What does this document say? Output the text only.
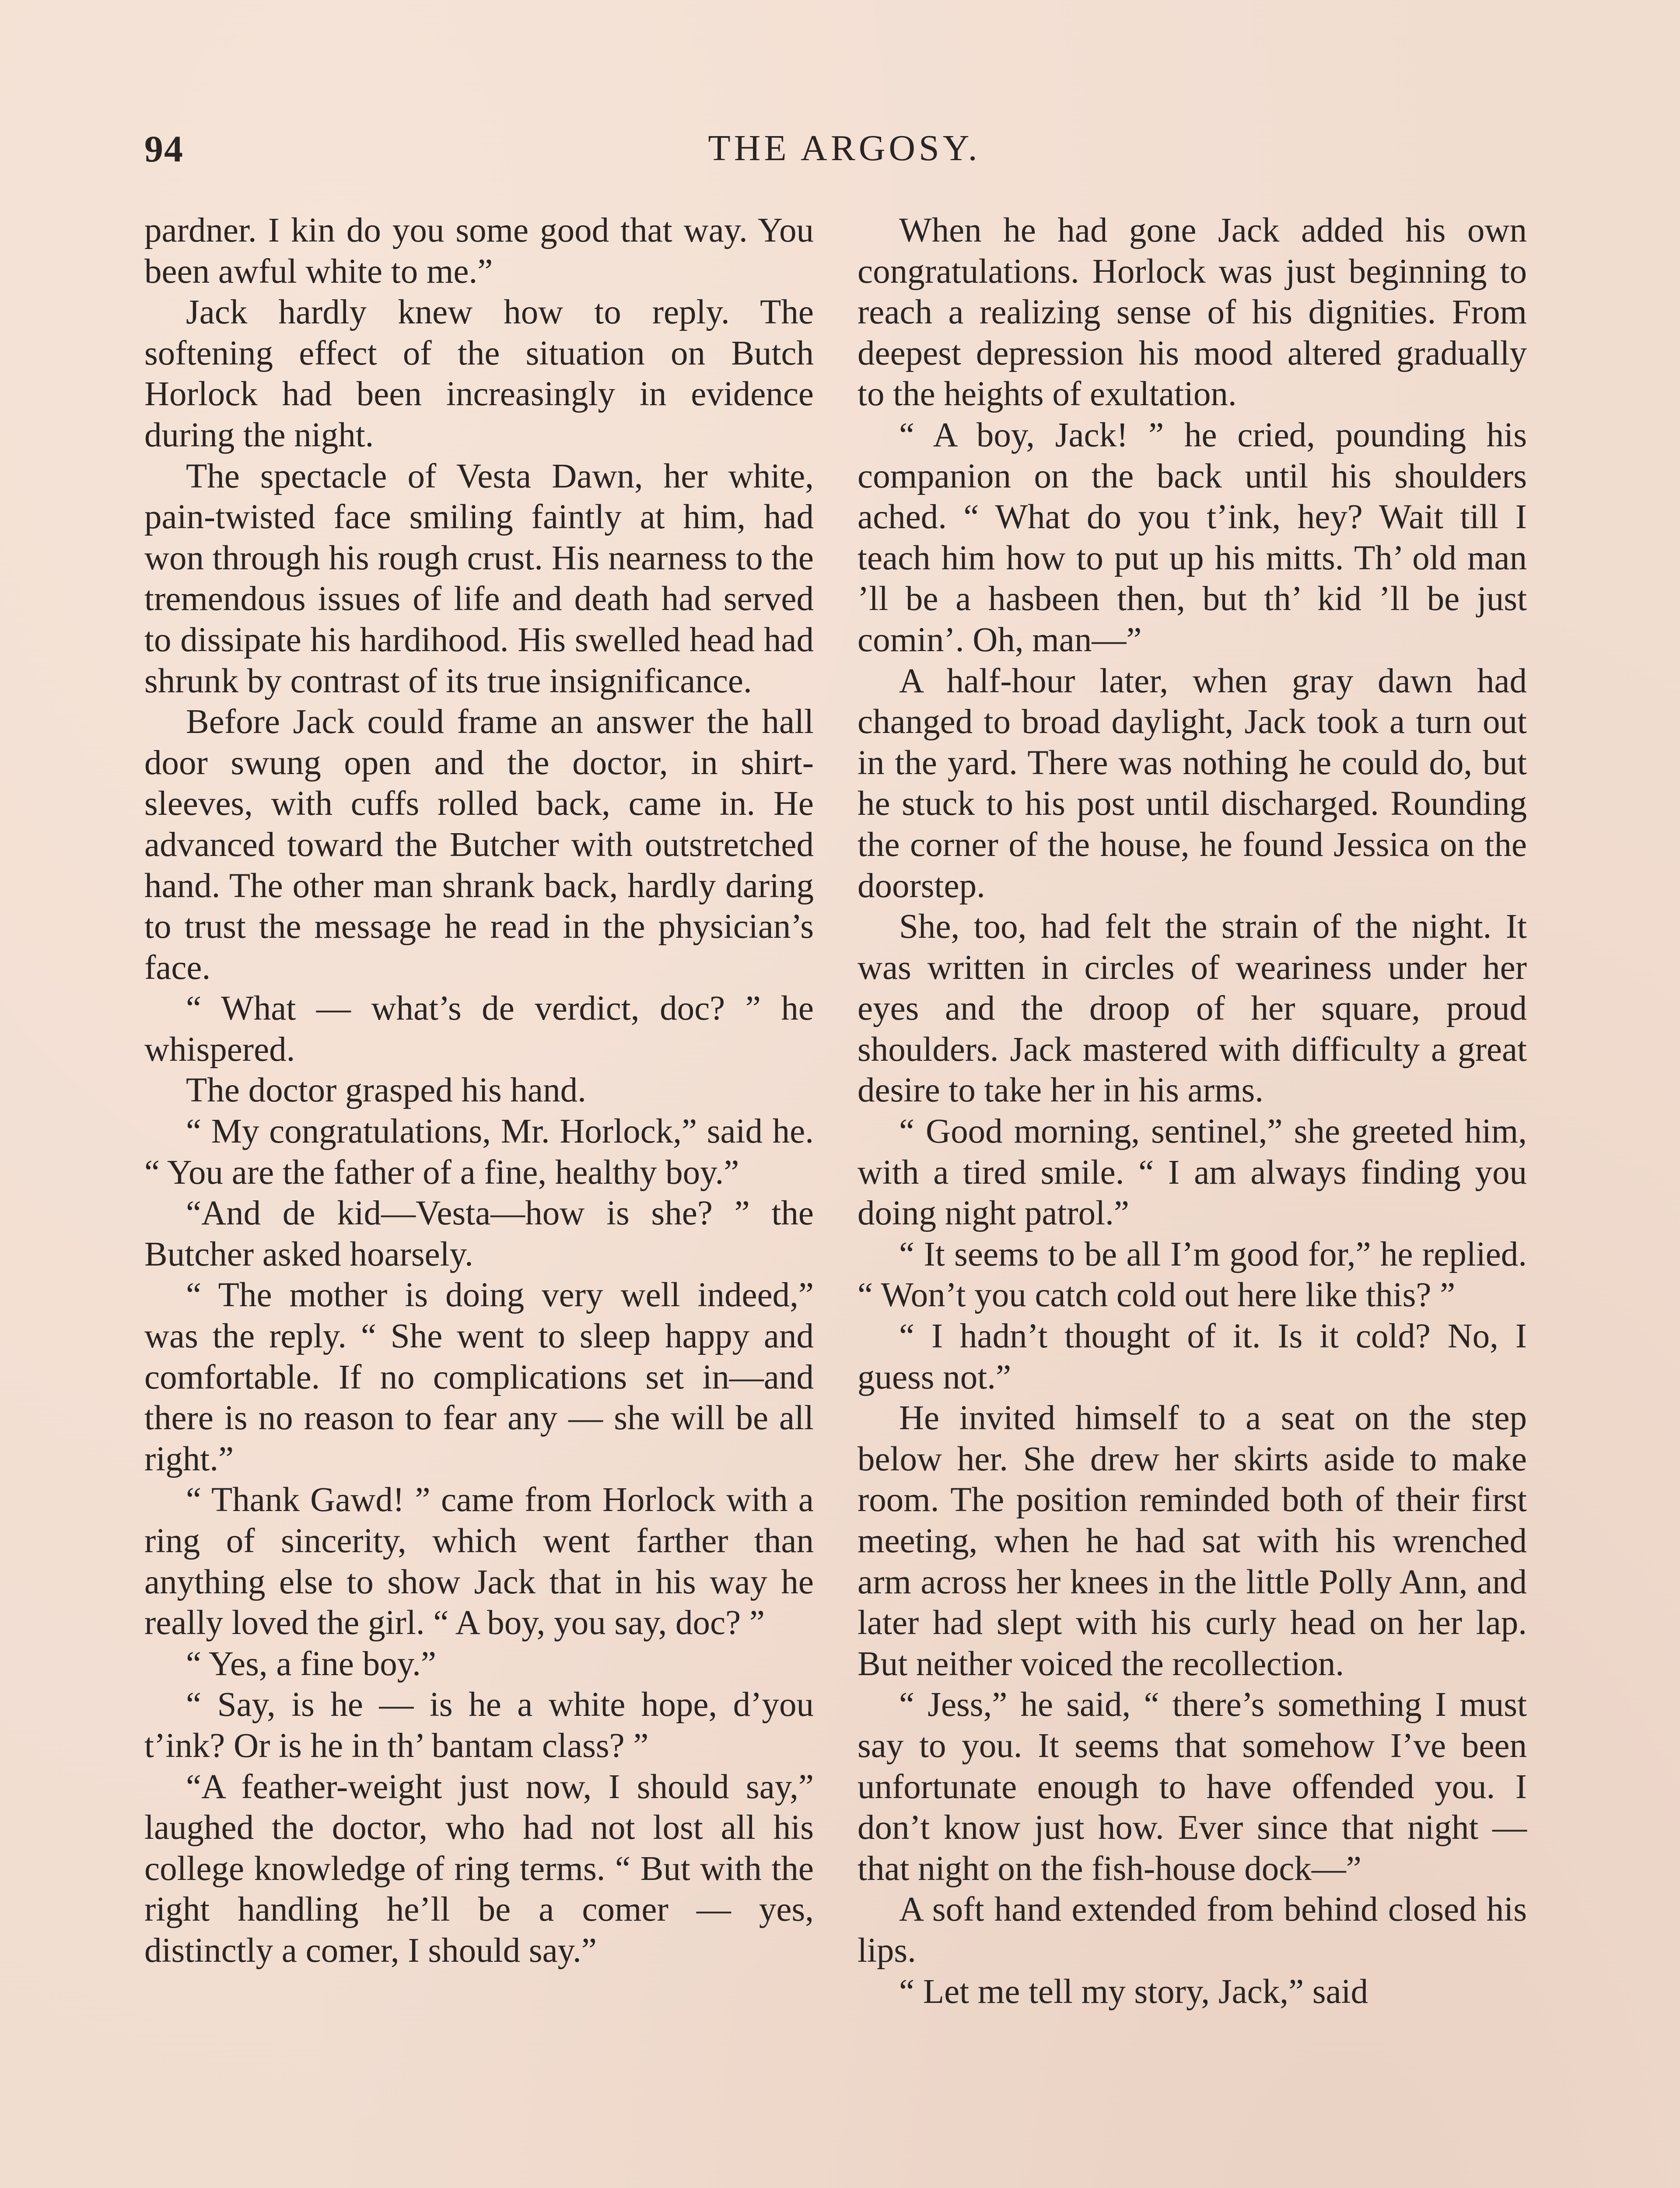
94	THE ARGOSY.

pardner. I kin do you some good that way. You been awful white to me.”

Jack hardly knew how to reply. The softening effect of the situation on Butch Horlock had been increasingly in evidence during the night.

The spectacle of Vesta Dawn, her white, pain-twisted face smiling faintly at him, had won through his rough crust. His nearness to the tremendous issues of life and death had served to dissipate his hardihood. His swelled head had shrunk by contrast of its true insignificance.

Before Jack could frame an answer the hall door swung open and the doctor, in shirt-sleeves, with cuffs rolled back, came in. He advanced toward the Butcher with outstretched hand. The other man shrank back, hardly daring to trust the message he read in the physician’s face.

“ What — what’s de verdict, doc? ” he whispered.

The doctor grasped his hand.

“ My congratulations, Mr. Horlock,” said he. “ You are the father of a fine, healthy boy.”

“And de kid—Vesta—how is she? ” the Butcher asked hoarsely.

“ The mother is doing very well indeed,” was the reply. “ She went to sleep happy and comfortable. If no complications set in—and there is no reason to fear any — she will be all right.”

“ Thank Gawd! ” came from Horlock with a ring of sincerity, which went farther than anything else to show Jack that in his way he really loved the girl. “ A boy, you say, doc? ”

“ Yes, a fine boy.”

“ Say, is he — is he a white hope, d’you t’ink? Or is he in th’ bantam class? ”

“A feather-weight just now, I should say,” laughed the doctor, who had not lost all his college knowledge of ring terms. “ But with the right handling he’ll be a comer — yes, distinctly a comer, I should say.”

When he had gone Jack added his own congratulations. Horlock was just beginning to reach a realizing sense of his dignities. From deepest depression his mood altered gradually to the heights of exultation.

“ A boy, Jack! ” he cried, pounding his companion on the back until his shoulders ached. “ What do you t’ink, hey? Wait till I teach him how to put up his mitts. Th’ old man ’ll be a hasbeen then, but th’ kid ’ll be just comin’. Oh, man—”

A half-hour later, when gray dawn had changed to broad daylight, Jack took a turn out in the yard. There was nothing he could do, but he stuck to his post until discharged. Rounding the corner of the house, he found Jessica on the doorstep.

She, too, had felt the strain of the night. It was written in circles of weariness under her eyes and the droop of her square, proud shoulders. Jack mastered with difficulty a great desire to take her in his arms.

“ Good morning, sentinel,” she greeted him, with a tired smile. “ I am always finding you doing night patrol.”

“ It seems to be all I’m good for,” he replied. “ Won’t you catch cold out here like this? ”

“ I hadn’t thought of it. Is it cold? No, I guess not.”

He invited himself to a seat on the step below her. She drew her skirts aside to make room. The position reminded both of their first meeting, when he had sat with his wrenched arm across her knees in the little Polly Ann, and later had slept with his curly head on her lap. But neither voiced the recollection.

“ Jess,” he said, “ there’s something I must say to you. It seems that somehow I’ve been unfortunate enough to have offended you. I don’t know just how. Ever since that night —that night on the fish-house dock—”

A soft hand extended from behind closed his lips.

“ Let me tell my story, Jack,” said
